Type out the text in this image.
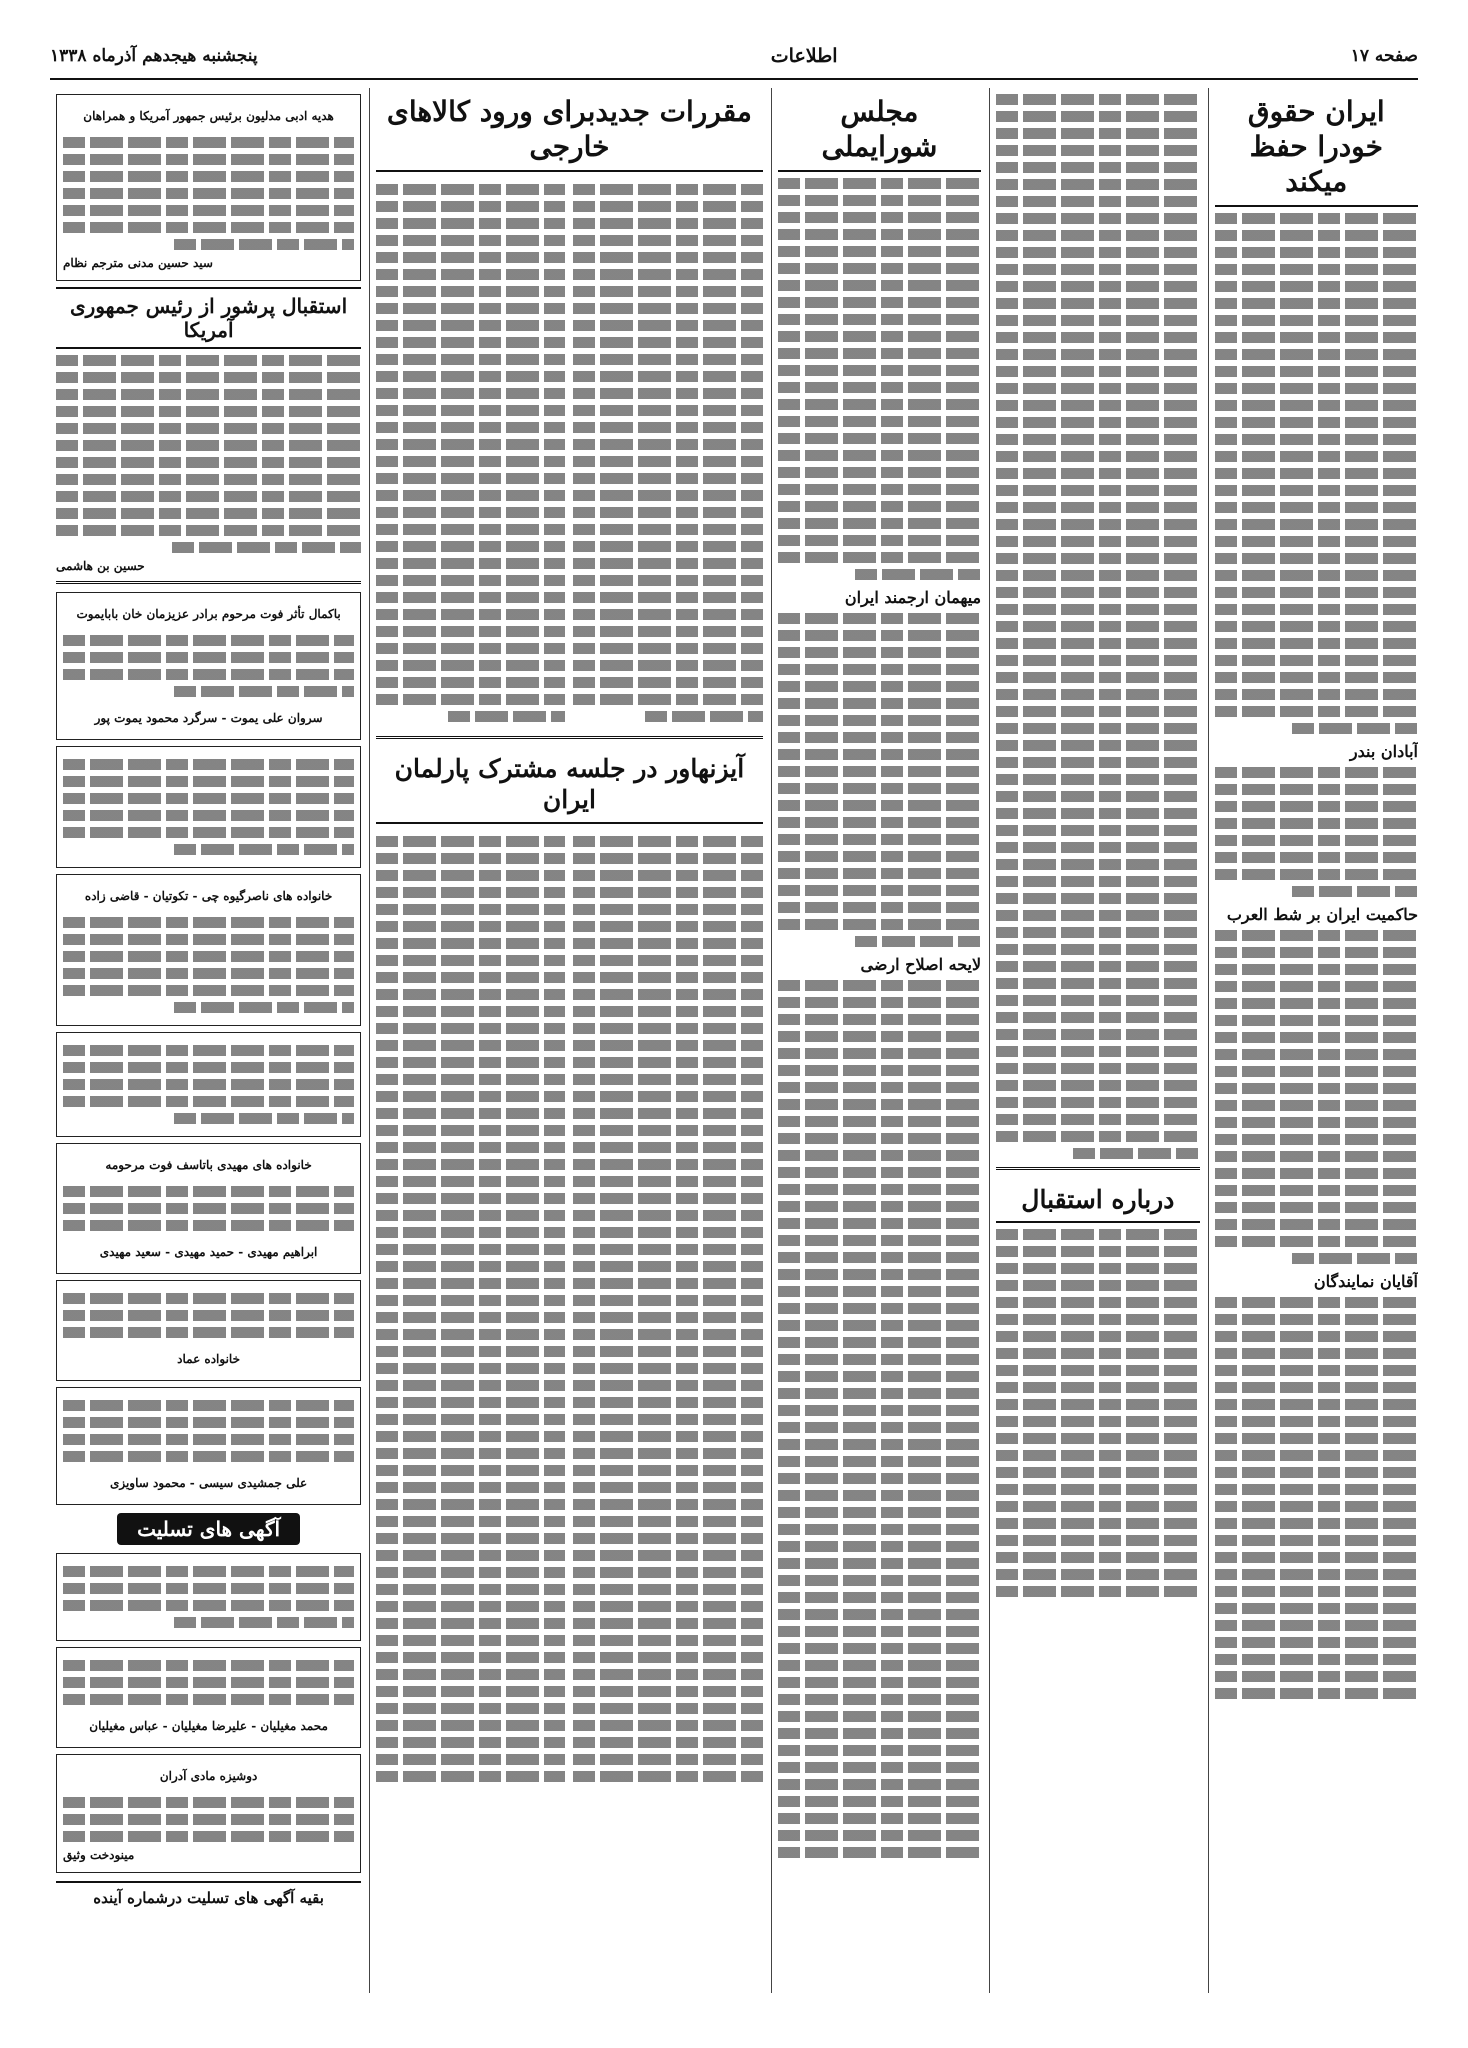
صفحه ۱۷
اطلاعات
پنجشنبه هیجدهم آذرماه ۱۳۳۸
ایران حقوق خودرا حفظ میکند
آبادان بندر
حاکمیت ایران بر شط العرب
آقایان نمایندگان
درباره استقبال
مجلس شورایملی
میهمان ارجمند ایران
لایحه اصلاح ارضی
مقررات جدیدبرای ورود کالاهای خارجی
آیزنهاور در جلسه مشترک پارلمان ایران
هدیه ادبی مدلیون برئیس جمهور آمریکا و همراهان
سید حسین مدنی مترجم نظام
استقبال پرشور از رئیس جمهوری آمریکا
حسین بن هاشمی
باکمال تأثر فوت مرحوم برادر عزیزمان خان بابایموت
سروان علی یموت - سرگرد محمود یموت پور
خانواده های ناصرگیوه چی - تکوتیان - قاضی زاده
خانواده های مهیدی باتاسف فوت مرحومه
ابراهیم مهیدی - حمید مهیدی - سعید مهیدی
خانواده عماد
علی جمشیدی سیسی - محمود ساویزی
آگهی های تسلیت
محمد مغیلیان - علیرضا مغیلیان - عباس مغیلیان
دوشیزه مادی آدران
مینودخت وثیق
بقیه آگهی های تسلیت درشماره آینده
